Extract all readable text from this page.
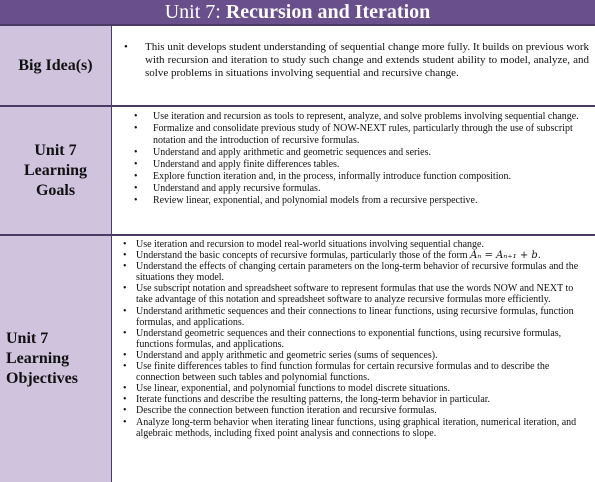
Unit 7: Recursion and Iteration
Big Idea(s)
• This unit develops student understanding of sequential change more fully. It builds on previous work with recursion and iteration to study such change and extends student ability to model, analyze, and solve problems in situations involving sequential and recursive change.
Unit 7
Learning
Goals
• Use iteration and recursion as tools to represent, analyze, and solve problems involving sequential change.
• Formalize and consolidate previous study of NOW-NEXT rules, particularly through the use of subscript notation and the introduction of recursive formulas.
• Understand and apply arithmetic and geometric sequences and series.
• Understand and apply finite differences tables.
• Explore function iteration and, in the process, informally introduce function composition.
• Understand and apply recursive formulas.
• Review linear, exponential, and polynomial models from a recursive perspective.
Unit 7
Learning
Objectives
• Use iteration and recursion to model real-world situations involving sequential change.
• Understand the basic concepts of recursive formulas, particularly those of the form Aₙ = Aₙ₊₁ + b.
• Understand the effects of changing certain parameters on the long-term behavior of recursive formulas and the situations they model.
• Use subscript notation and spreadsheet software to represent formulas that use the words NOW and NEXT to take advantage of this notation and spreadsheet software to analyze recursive formulas more efficiently.
• Understand arithmetic sequences and their connections to linear functions, using recursive formulas, function formulas, and applications.
• Understand geometric sequences and their connections to exponential functions, using recursive formulas, functions formulas, and applications.
• Understand and apply arithmetic and geometric series (sums of sequences).
• Use finite differences tables to find function formulas for certain recursive formulas and to describe the connection between such tables and polynomial functions.
• Use linear, exponential, and polynomial functions to model discrete situations.
• Iterate functions and describe the resulting patterns, the long-term behavior in particular.
• Describe the connection between function iteration and recursive formulas.
• Analyze long-term behavior when iterating linear functions, using graphical iteration, numerical iteration, and algebraic methods, including fixed point analysis and connections to slope.
